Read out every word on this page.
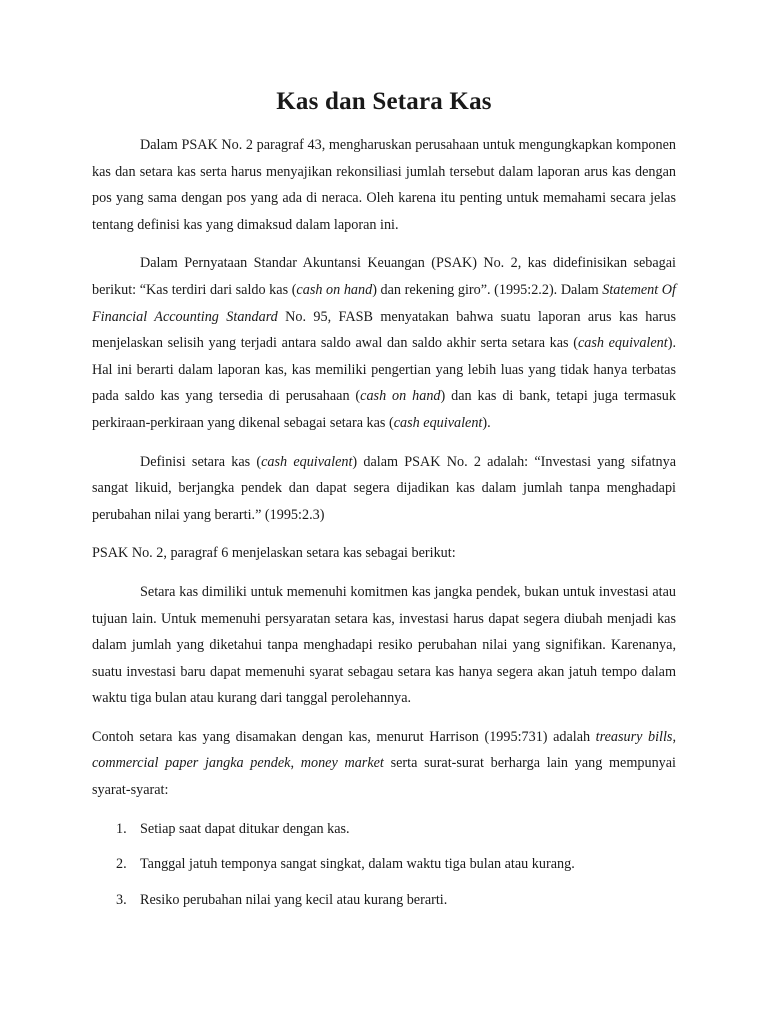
Kas dan Setara Kas

Dalam PSAK No. 2 paragraf 43, mengharuskan perusahaan untuk mengungkapkan komponen kas dan setara kas serta harus menyajikan rekonsiliasi jumlah tersebut dalam laporan arus kas dengan pos yang sama dengan pos yang ada di neraca. Oleh karena itu penting untuk memahami secara jelas tentang definisi kas yang dimaksud dalam laporan ini.

Dalam Pernyataan Standar Akuntansi Keuangan (PSAK) No. 2, kas didefinisikan sebagai berikut: “Kas terdiri dari saldo kas (cash on hand) dan rekening giro”. (1995:2.2). Dalam Statement Of Financial Accounting Standard No. 95, FASB menyatakan bahwa suatu laporan arus kas harus menjelaskan selisih yang terjadi antara saldo awal dan saldo akhir serta setara kas (cash equivalent). Hal ini berarti dalam laporan kas, kas memiliki pengertian yang lebih luas yang tidak hanya terbatas pada saldo kas yang tersedia di perusahaan (cash on hand) dan kas di bank, tetapi juga termasuk perkiraan-perkiraan yang dikenal sebagai setara kas (cash equivalent).

Definisi setara kas (cash equivalent) dalam PSAK No. 2 adalah: “Investasi yang sifatnya sangat likuid, berjangka pendek dan dapat segera dijadikan kas dalam jumlah tanpa menghadapi perubahan nilai yang berarti.” (1995:2.3)

PSAK No. 2, paragraf 6 menjelaskan setara kas sebagai berikut:

Setara kas dimiliki untuk memenuhi komitmen kas jangka pendek, bukan untuk investasi atau tujuan lain. Untuk memenuhi persyaratan setara kas, investasi harus dapat segera diubah menjadi kas dalam jumlah yang diketahui tanpa menghadapi resiko perubahan nilai yang signifikan. Karenanya, suatu investasi baru dapat memenuhi syarat sebagau setara kas hanya segera akan jatuh tempo dalam waktu tiga bulan atau kurang dari tanggal perolehannya.

Contoh setara kas yang disamakan dengan kas, menurut Harrison (1995:731) adalah treasury bills, commercial paper jangka pendek, money market serta surat-surat berharga lain yang mempunyai syarat-syarat:

1. Setiap saat dapat ditukar dengan kas.
2. Tanggal jatuh temponya sangat singkat, dalam waktu tiga bulan atau kurang.
3. Resiko perubahan nilai yang kecil atau kurang berarti.
